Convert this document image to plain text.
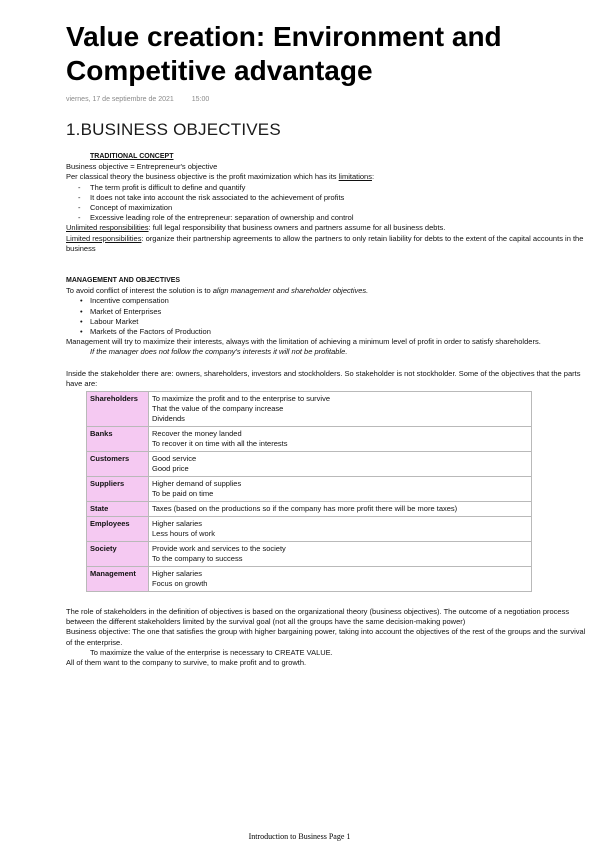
Value creation: Environment and Competitive advantage
viernes, 17 de septiembre de 2021	15:00
1.BUSINESS OBJECTIVES

TRADITIONAL CONCEPT

Business objective = Entrepreneur's objective

Per classical theory the business objective is the profit maximization which has its limitations:

- The term profit is difficult to define and quantify
- It does not take into account the risk associated to the achievement of profits
- Concept of maximization
- Excessive leading role of the entrepreneur: separation of ownership and control

Unlimited responsibilities: full legal responsibility that business owners and partners assume for all business debts.

Limited responsibilities: organize their partnership agreements to allow the partners to only retain liability for debts to the extent of the capital accounts in the business

MANAGEMENT AND OBJECTIVES

To avoid conflict of interest the solution is to align management and shareholder objectives.

• Incentive compensation
• Market of Enterprises
• Labour Market
• Markets of the Factors of Production

Management will try to maximize their interests, always with the limitation of achieving a minimum level of profit in order to satisfy shareholders.

If the manager does not follow the company's interests it will not be profitable.

Inside the stakeholder there are: owners, shareholders, investors and stockholders. So stakeholder is not stockholder. Some of the objectives that the parts have are:

Shareholders	To maximize the profit and to the enterprise to survive
That the value of the company increase
Dividends

Banks	Recover the money landed
To recover it on time with all the interests

Customers	Good service
Good price

Suppliers	Higher demand of supplies
To be paid on time

State	Taxes (based on the productions so if the company has more profit there will be more taxes)

Employees	Higher salaries
Less hours of work

Society	Provide work and services to the society
To the company to success

Management	Higher salaries
Focus on growth

The role of stakeholders in the definition of objectives is based on the organizational theory (business objectives). The outcome of a negotiation process between the different stakeholders limited by the survival goal (not all the groups have the same decision-making power)

Business objective: The one that satisfies the group with higher bargaining power, taking into account the objectives of the rest of the groups and the survival of the enterprise.

To maximize the value of the enterprise is necessary to CREATE VALUE.

All of them want to the company to survive, to make profit and to growth.

Introduction to Business Page 1
